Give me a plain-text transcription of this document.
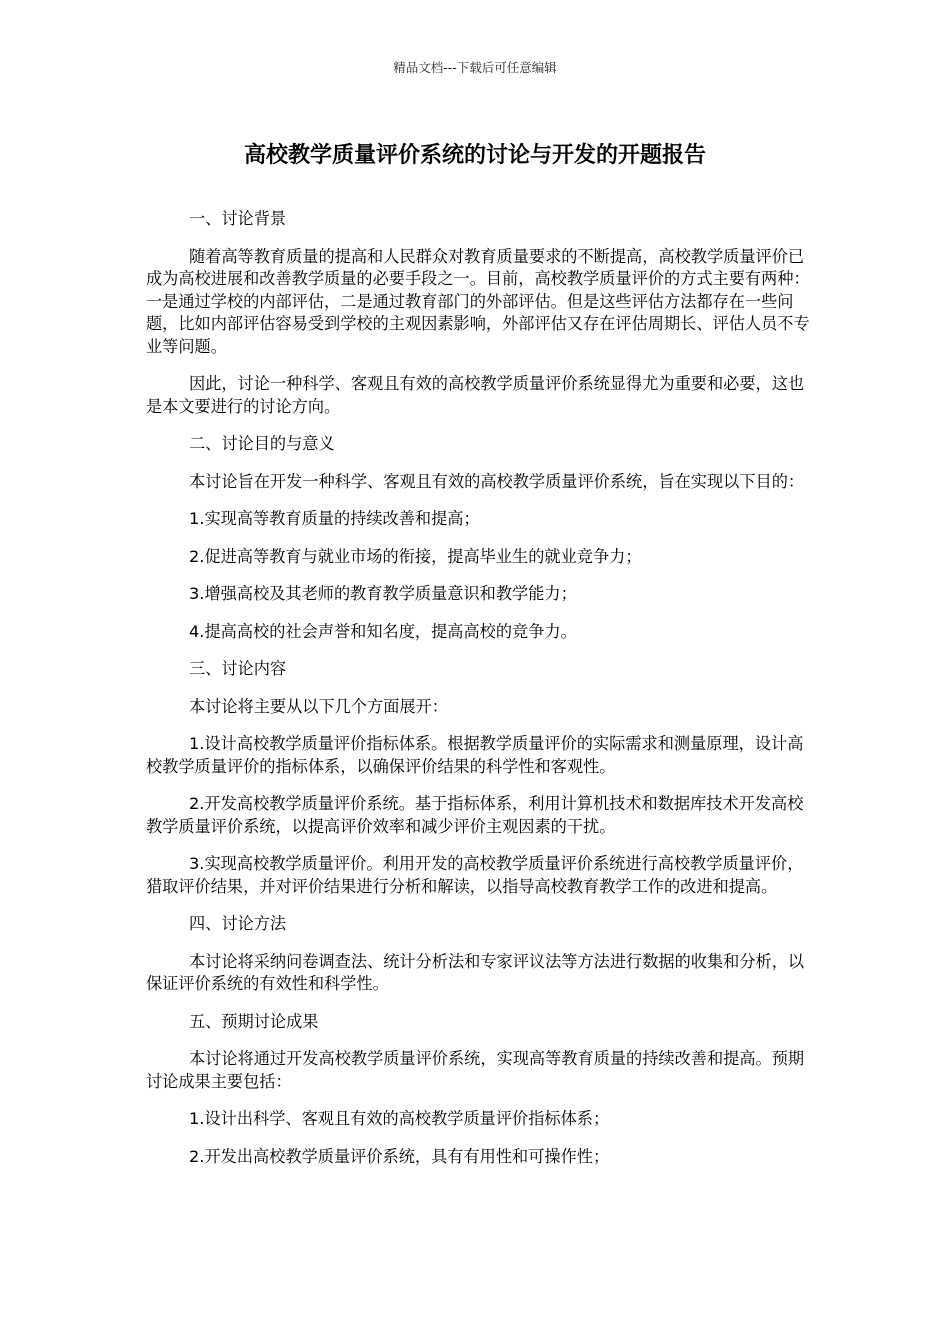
精品文档---下载后可任意编辑
高校教学质量评价系统的讨论与开发的开题报告

一、讨论背景

随着高等教育质量的提高和人民群众对教育质量要求的不断提高，高校教学质量评价已成为高校进展和改善教学质量的必要手段之一。目前，高校教学质量评价的方式主要有两种：一是通过学校的内部评估，二是通过教育部门的外部评估。但是这些评估方法都存在一些问题，比如内部评估容易受到学校的主观因素影响，外部评估又存在评估周期长、评估人员不专业等问题。

因此，讨论一种科学、客观且有效的高校教学质量评价系统显得尤为重要和必要，这也是本文要进行的讨论方向。

二、讨论目的与意义

本讨论旨在开发一种科学、客观且有效的高校教学质量评价系统，旨在实现以下目的：

1.实现高等教育质量的持续改善和提高；

2.促进高等教育与就业市场的衔接，提高毕业生的就业竞争力；

3.增强高校及其老师的教育教学质量意识和教学能力；

4.提高高校的社会声誉和知名度，提高高校的竞争力。

三、讨论内容

本讨论将主要从以下几个方面展开：

1.设计高校教学质量评价指标体系。根据教学质量评价的实际需求和测量原理，设计高校教学质量评价的指标体系，以确保评价结果的科学性和客观性。

2.开发高校教学质量评价系统。基于指标体系，利用计算机技术和数据库技术开发高校教学质量评价系统，以提高评价效率和减少评价主观因素的干扰。

3.实现高校教学质量评价。利用开发的高校教学质量评价系统进行高校教学质量评价，猎取评价结果，并对评价结果进行分析和解读，以指导高校教育教学工作的改进和提高。

四、讨论方法

本讨论将采纳问卷调查法、统计分析法和专家评议法等方法进行数据的收集和分析，以保证评价系统的有效性和科学性。

五、预期讨论成果

本讨论将通过开发高校教学质量评价系统，实现高等教育质量的持续改善和提高。预期讨论成果主要包括：

1.设计出科学、客观且有效的高校教学质量评价指标体系；

2.开发出高校教学质量评价系统，具有有用性和可操作性；
